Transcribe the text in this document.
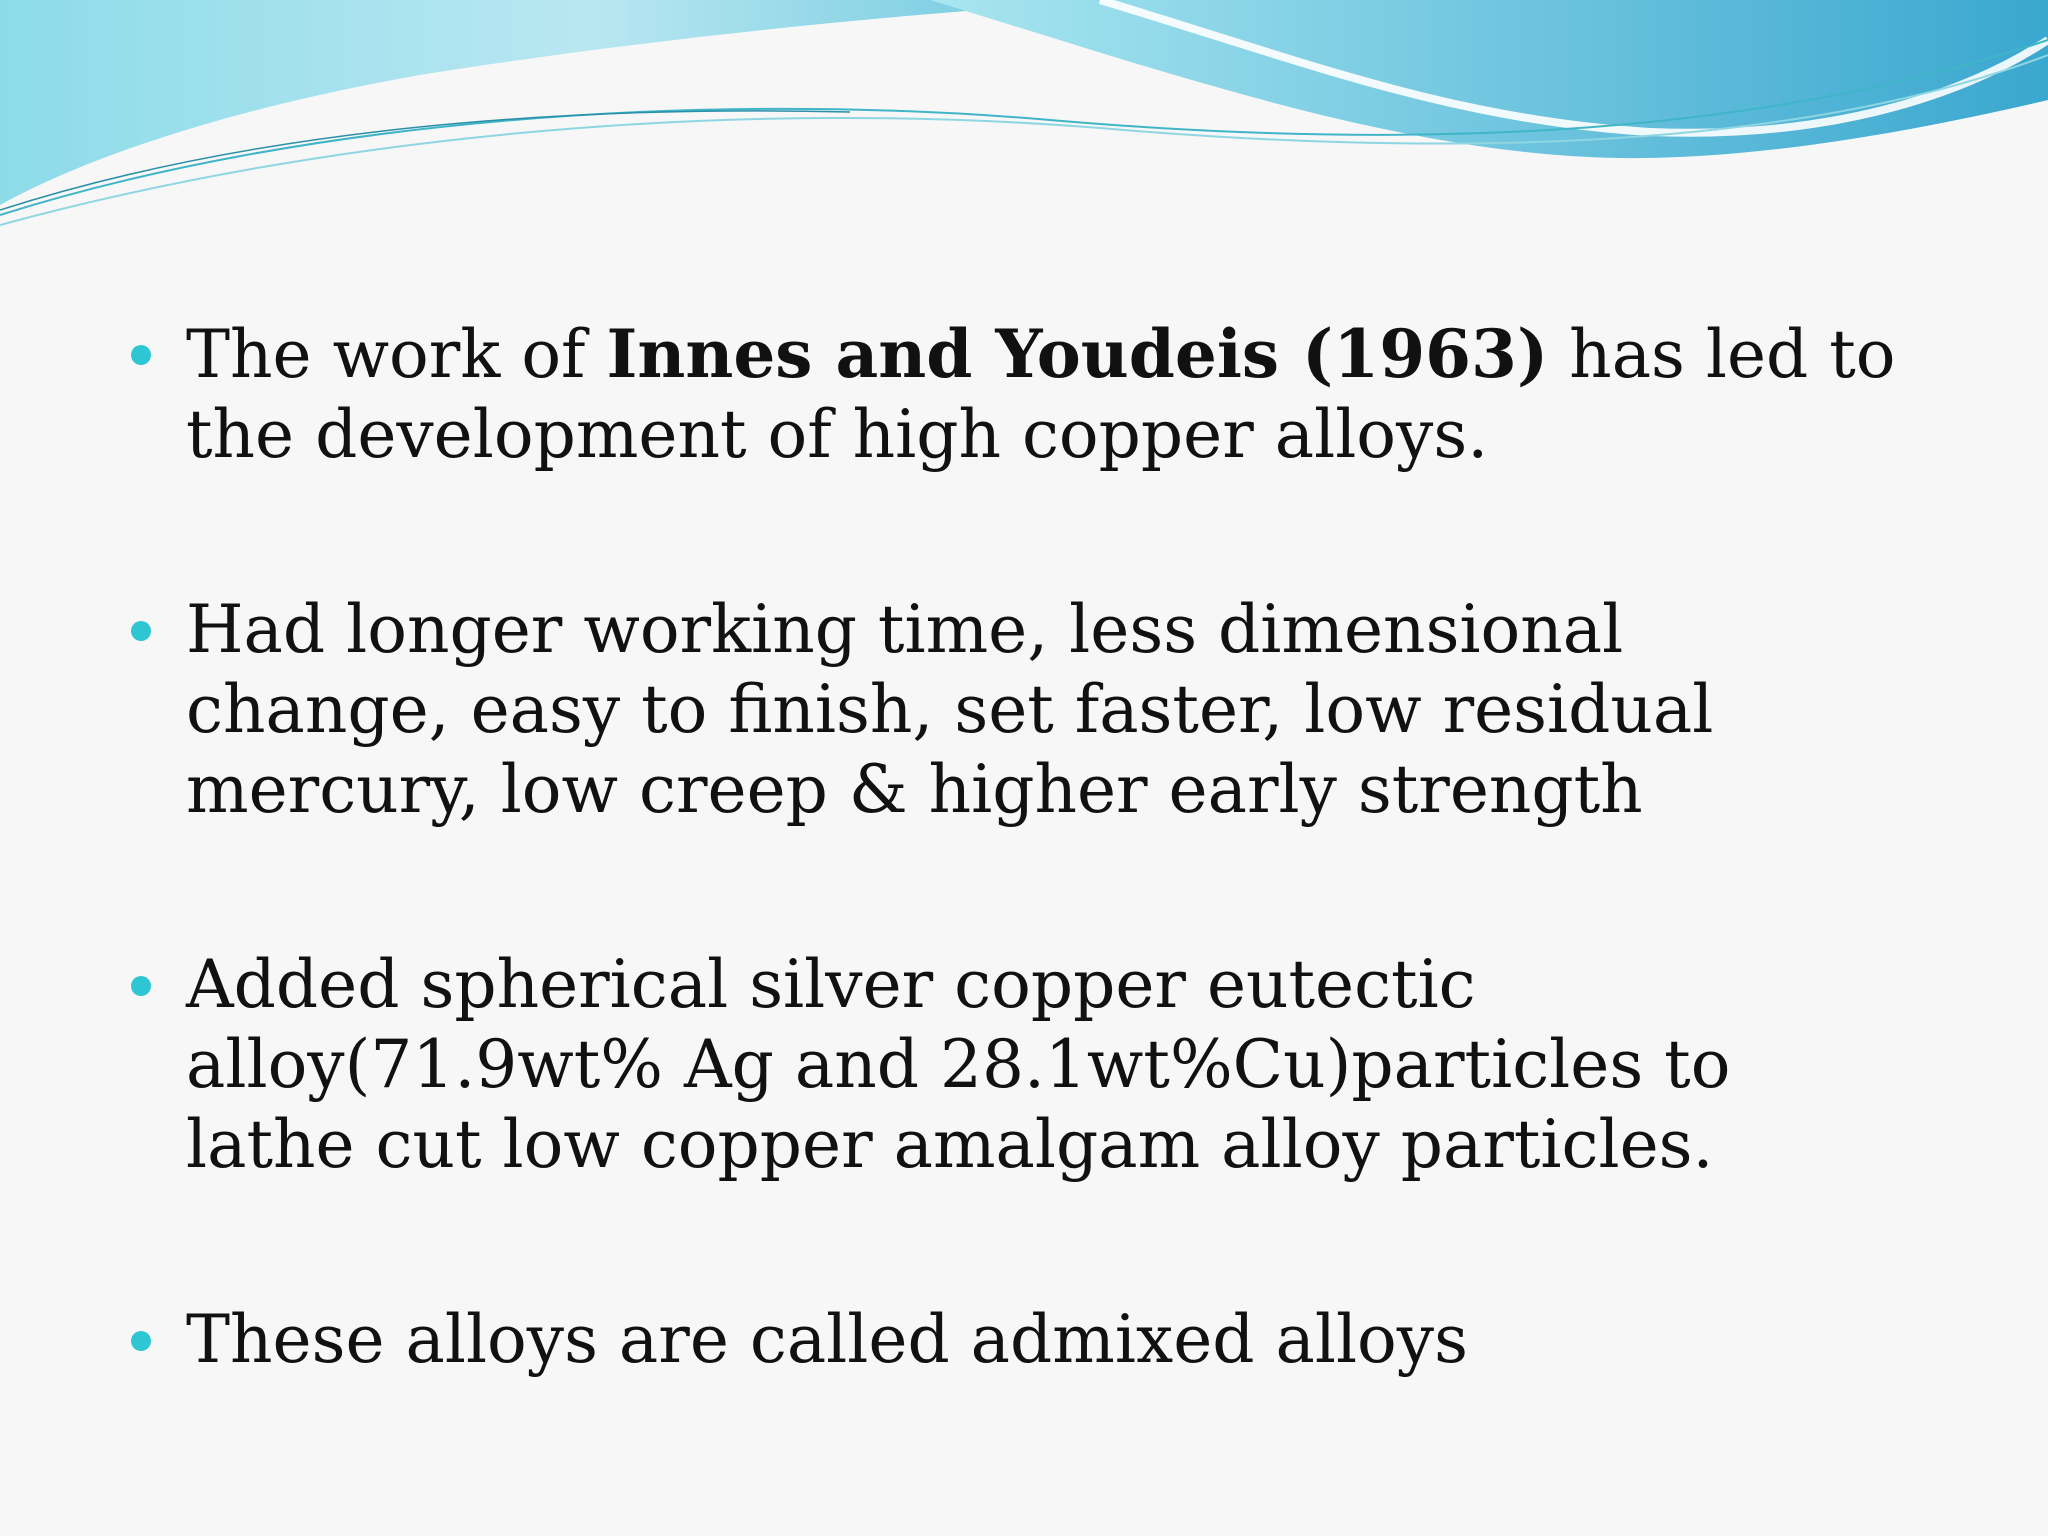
The work of Innes and Youdeis (1963) has led to the development of high copper alloys.
Had longer working time, less dimensional change, easy to finish, set faster, low residual mercury, low creep & higher early strength
Added spherical silver copper eutectic alloy(71.9wt% Ag and 28.1wt%Cu)particles to lathe cut low copper amalgam alloy particles.
These alloys are called admixed alloys
